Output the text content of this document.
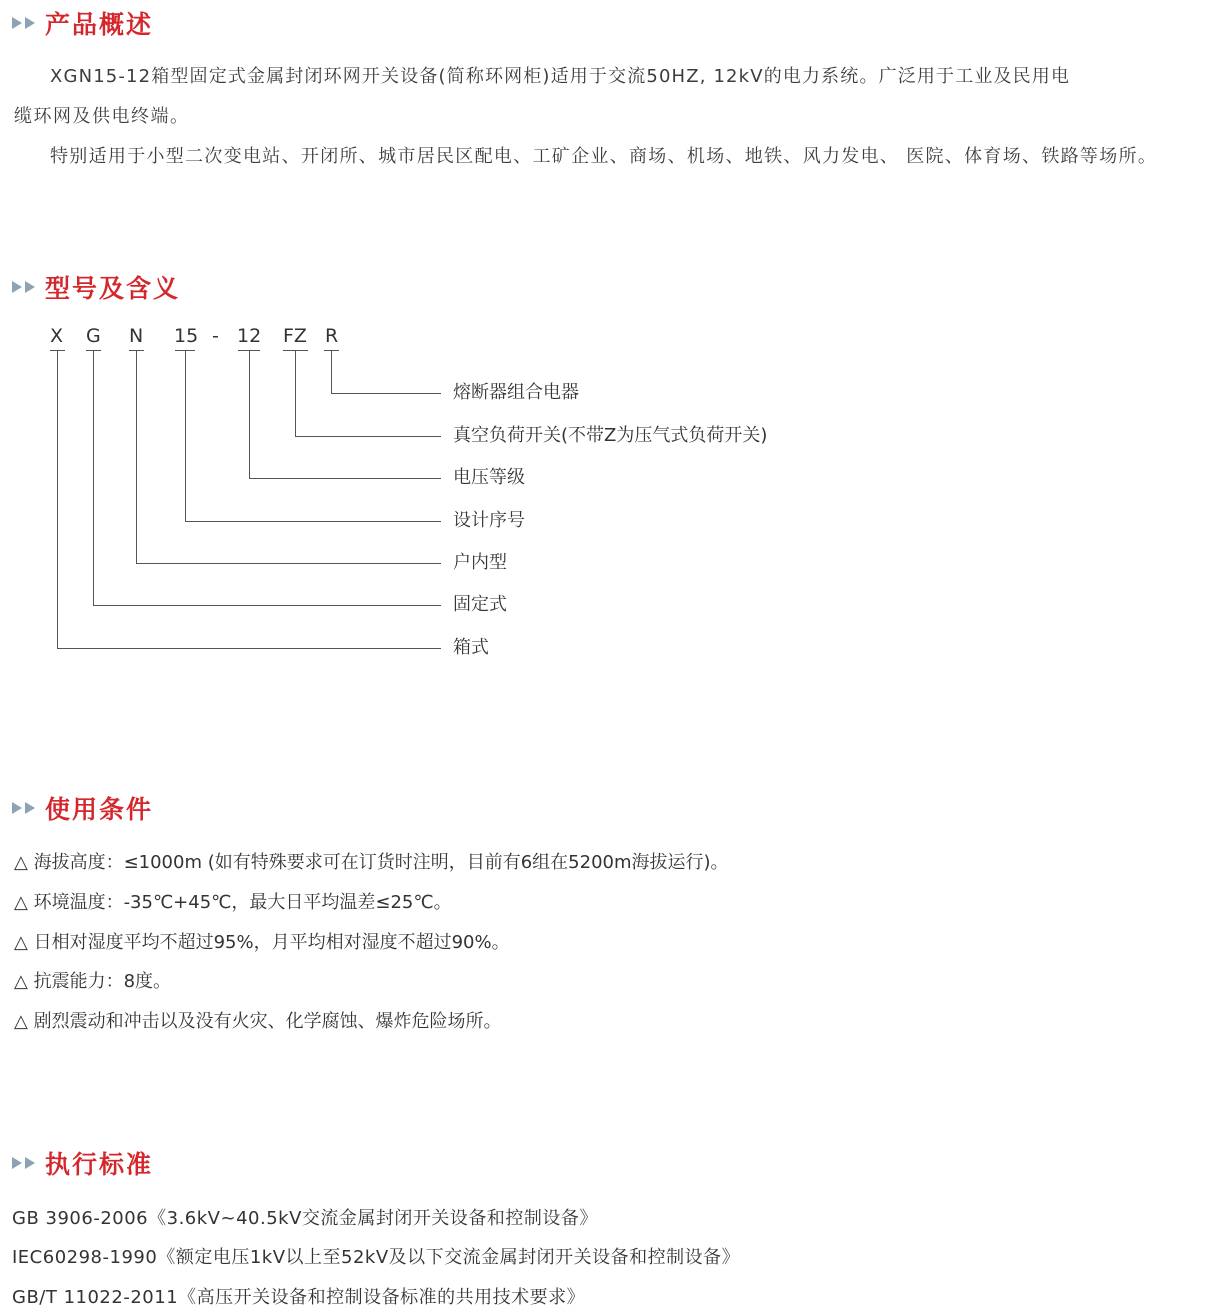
产品概述
XGN15-12箱型固定式金属封闭环网开关设备(简称环网柜)适用于交流50HZ, 12kV的电力系统。广泛用于工业及民用电
缆环网及供电终端。
特别适用于小型二次变电站、开闭所、城市居民区配电、工矿企业、商场、机场、地铁、风力发电、 医院、体育场、铁路等场所。
型号及含义
X G N 15 - 12 FZ R
熔断器组合电器
真空负荷开关(不带Z为压气式负荷开关)
电压等级
设计序号
户内型
固定式
箱式
使用条件
△ 海拔高度：≤1000m (如有特殊要求可在订货时注明，目前有6组在5200m海拔运行)。
△ 环境温度：-35℃+45℃，最大日平均温差≤25℃。
△ 日相对湿度平均不超过95%，月平均相对湿度不超过90%。
△ 抗震能力：8度。
△ 剧烈震动和冲击以及没有火灾、化学腐蚀、爆炸危险场所。
执行标准
GB 3906-2006《3.6kV~40.5kV交流金属封闭开关设备和控制设备》
IEC60298-1990《额定电压1kV以上至52kV及以下交流金属封闭开关设备和控制设备》
GB/T 11022-2011《高压开关设备和控制设备标准的共用技术要求》
